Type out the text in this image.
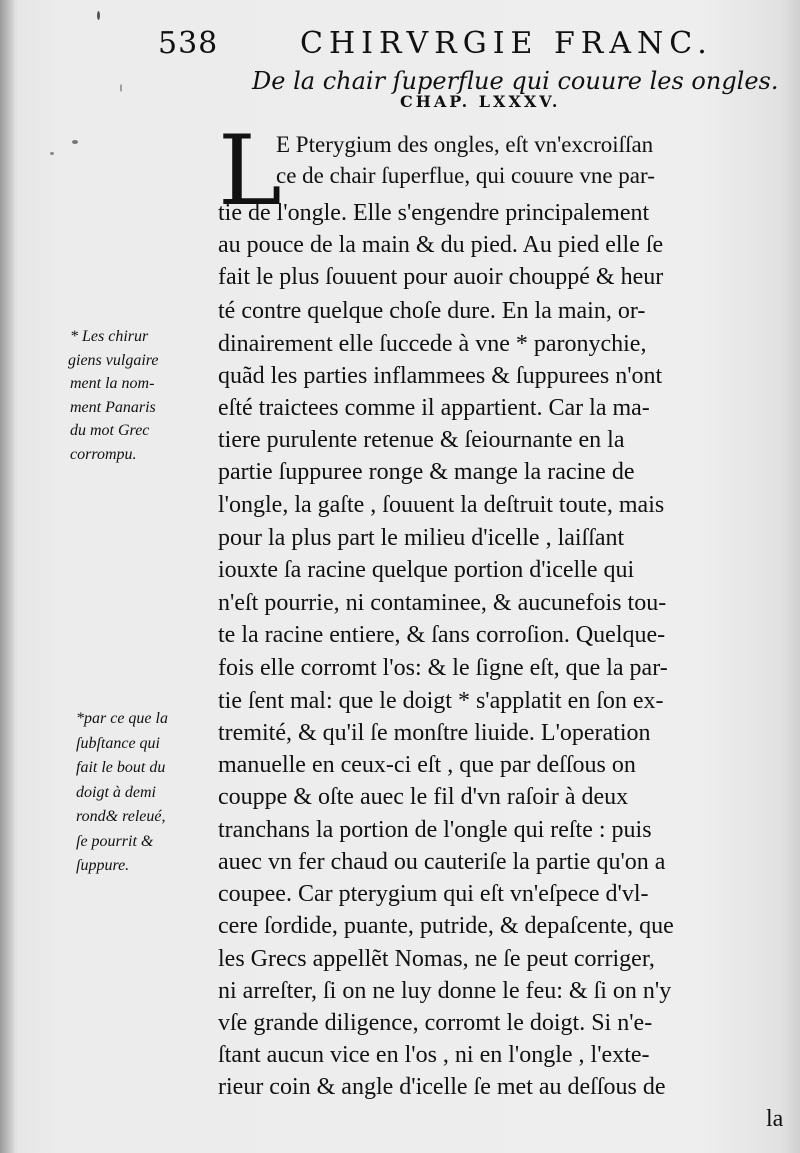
538	CHIRVRGIE FRANC.
De la chair ſuperflue qui couure les ongles.
CHAP. LXXXV.
L
E Pterygium des ongles, eſt vn'excroiſſan
ce de chair ſuperflue, qui couure vne par-
tie de l'ongle. Elle s'engendre principalement
au pouce de la main & du pied. Au pied elle ſe
fait le plus ſouuent pour auoir chouppé & heur
té contre quelque choſe dure. En la main, or-
dinairement elle ſuccede à vne * paronychie,
quãd les parties inflammees & ſuppurees n'ont
eſté traictees comme il appartient. Car la ma-
tiere purulente retenue & ſeiournante en la
partie ſuppuree ronge & mange la racine de
l'ongle, la gaſte , ſouuent la deſtruit toute, mais
pour la plus part le milieu d'icelle , laiſſant
iouxte ſa racine quelque portion d'icelle qui
n'eſt pourrie, ni contaminee, & aucunefois tou-
te la racine entiere, & ſans corroſion. Quelque-
fois elle corromt l'os: & le ſigne eſt, que la par-
tie ſent mal: que le doigt * s'applatit en ſon ex-
tremité, & qu'il ſe monſtre liuide. L'operation
manuelle en ceux-ci eſt , que par deſſous on
couppe & oſte auec le fil d'vn raſoir à deux
tranchans la portion de l'ongle qui reſte : puis
auec vn fer chaud ou cauteriſe la partie qu'on a
coupee. Car pterygium qui eſt vn'eſpece d'vl-
cere ſordide, puante, putride, & depaſcente, que
les Grecs appellẽt Nomas, ne ſe peut corriger,
ni arreſter, ſi on ne luy donne le feu: & ſi on n'y
vſe grande diligence, corromt le doigt. Si n'e-
ſtant aucun vice en l'os , ni en l'ongle , l'exte-
rieur coin & angle d'icelle ſe met au deſſous de
la
* Les chirur
giens vulgaire
ment la nom-
ment Panaris
du mot Grec
corrompu.
*par ce que la
ſubſtance qui
fait le bout du
doigt à demi
rond& releué,
ſe pourrit &
ſuppure.
